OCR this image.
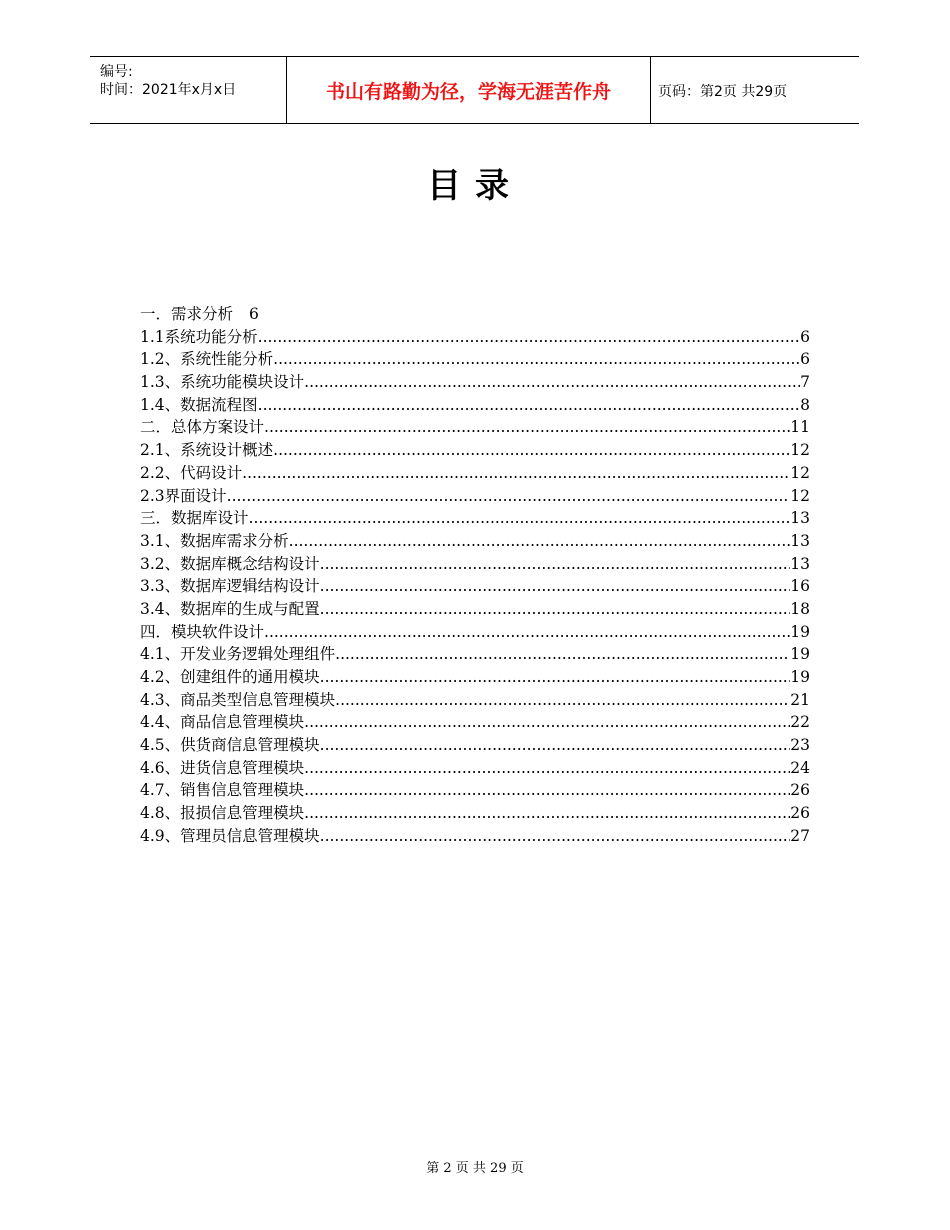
编号:
时间：2021年x月x日	书山有路勤为径，学海无涯苦作舟	页码：第2页 共29页
目录
一．需求分析 6
1.1系统功能分析 .....	6
1.2、系统性能分析 .....	6
1.3、系统功能模块设计 .....	7
1.4、数据流程图 .....	8
二．总体方案设计 .....	11
2.1、系统设计概述 .....	12
2.2、代码设计 .....	12
2.3界面设计 .....	12
三．数据库设计 .....	13
3.1、数据库需求分析 .....	13
3.2、数据库概念结构设计 .....	13
3.3、数据库逻辑结构设计 .....	16
3.4、数据库的生成与配置 .....	18
四．模块软件设计 .....	19
4.1、开发业务逻辑处理组件 .....	19
4.2、创建组件的通用模块 .....	19
4.3、商品类型信息管理模块 .....	21
4.4、商品信息管理模块 .....	22
4.5、供货商信息管理模块 .....	23
4.6、进货信息管理模块 .....	24
4.7、销售信息管理模块 .....	26
4.8、报损信息管理模块 .....	26
4.9、管理员信息管理模块 .....	27
第 2 页 共 29 页
